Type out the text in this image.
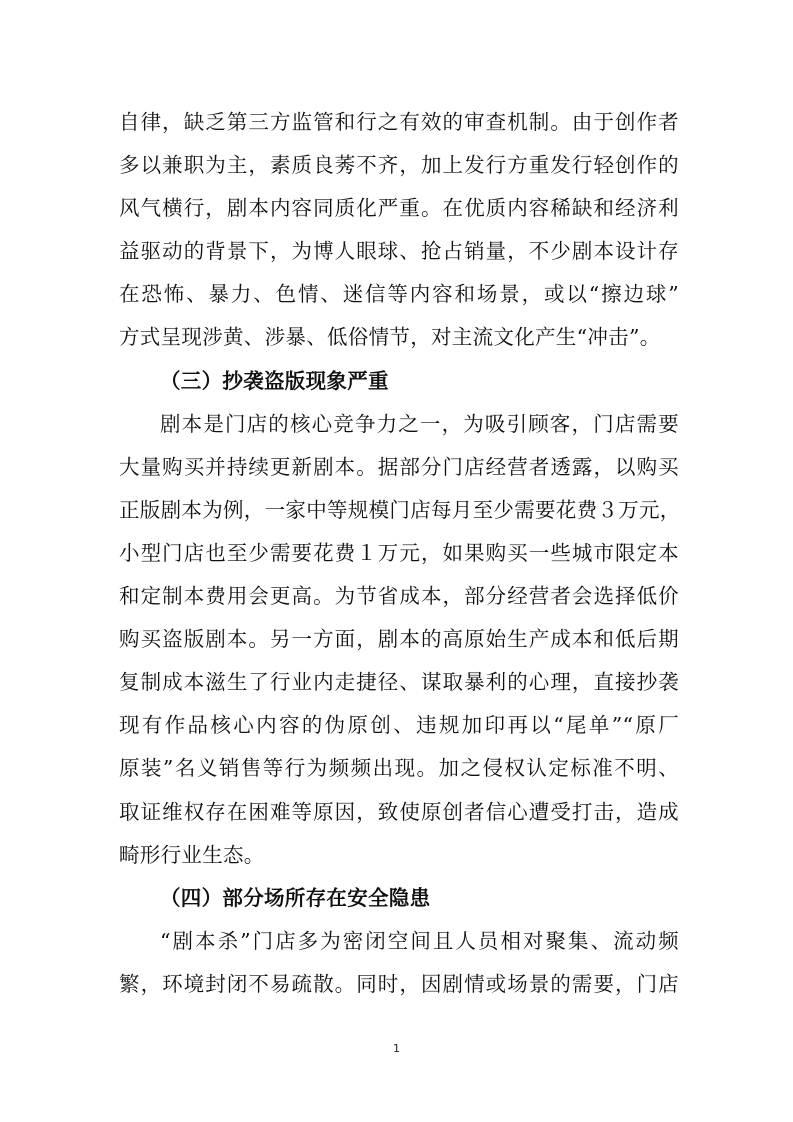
自律，缺乏第三方监管和行之有效的审查机制。由于创作者
多以兼职为主，素质良莠不齐，加上发行方重发行轻创作的
风气横行，剧本内容同质化严重。在优质内容稀缺和经济利
益驱动的背景下，为博人眼球、抢占销量，不少剧本设计存
在恐怖、暴力、色情、迷信等内容和场景，或以“擦边球”
方式呈现涉黄、涉暴、低俗情节，对主流文化产生“冲击”。
（三）抄袭盗版现象严重
剧本是门店的核心竞争力之一，为吸引顾客，门店需要
大量购买并持续更新剧本。据部分门店经营者透露，以购买
正版剧本为例，一家中等规模门店每月至少需要花费３万元，
小型门店也至少需要花费１万元，如果购买一些城市限定本
和定制本费用会更高。为节省成本，部分经营者会选择低价
购买盗版剧本。另一方面，剧本的高原始生产成本和低后期
复制成本滋生了行业内走捷径、谋取暴利的心理，直接抄袭
现有作品核心内容的伪原创、违规加印再以“尾单”“原厂
原装”名义销售等行为频频出现。加之侵权认定标准不明、
取证维权存在困难等原因，致使原创者信心遭受打击，造成
畸形行业生态。
（四）部分场所存在安全隐患
“剧本杀”门店多为密闭空间且人员相对聚集、流动频
繁，环境封闭不易疏散。同时，因剧情或场景的需要，门店
1
